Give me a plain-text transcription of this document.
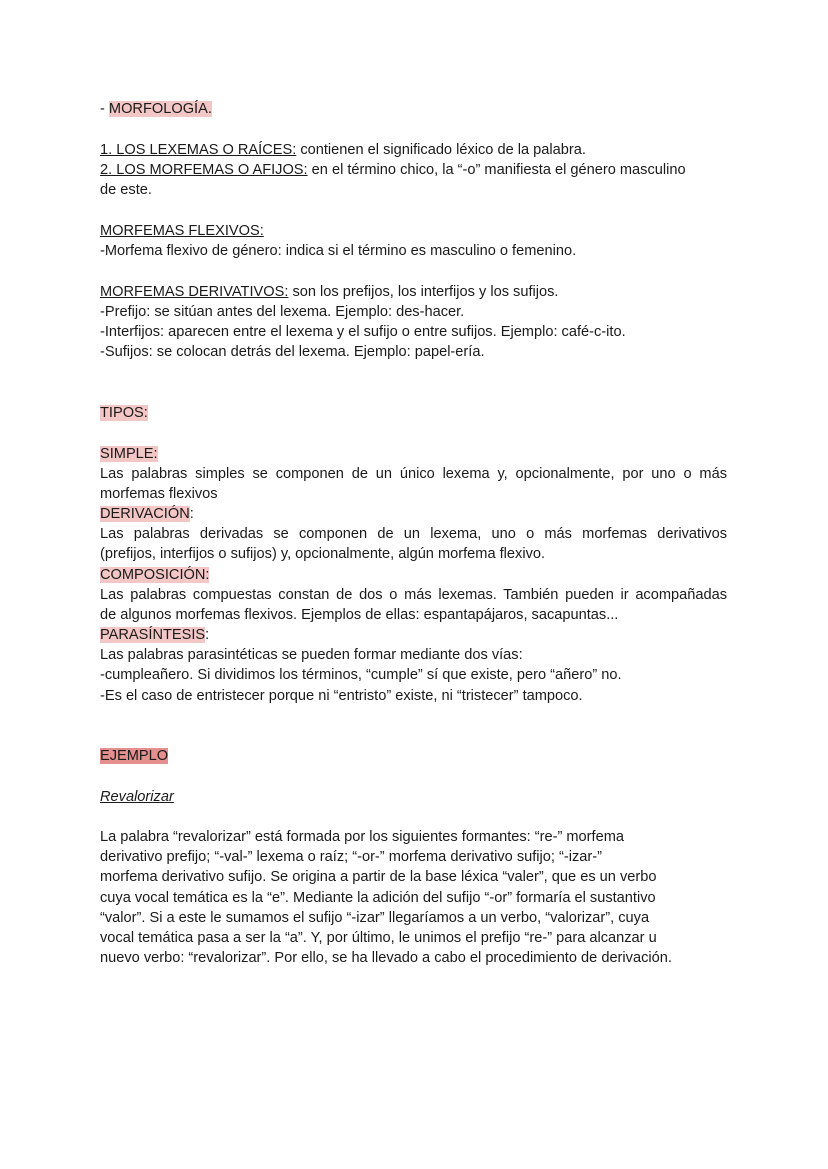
- MORFOLOGÍA.
1. LOS LEXEMAS O RAÍCES: contienen el significado léxico de la palabra.
2. LOS MORFEMAS O AFIJOS: en el término chico, la “-o” manifiesta el género masculino
de este.
MORFEMAS FLEXIVOS:
-Morfema flexivo de género: indica si el término es masculino o femenino.
MORFEMAS DERIVATIVOS: son los prefijos, los interfijos y los sufijos.
-Prefijo: se sitúan antes del lexema. Ejemplo: des-hacer.
-Interfijos: aparecen entre el lexema y el sufijo o entre sufijos. Ejemplo: café-c-ito.
-Sufijos: se colocan detrás del lexema. Ejemplo: papel-ería.
TIPOS:
SIMPLE:
Las palabras simples se componen de un único lexema y, opcionalmente, por uno o más
morfemas flexivos
DERIVACIÓN:
Las palabras derivadas se componen de un lexema, uno o más morfemas derivativos
(prefijos, interfijos o sufijos) y, opcionalmente, algún morfema flexivo.
COMPOSICIÓN:
Las palabras compuestas constan de dos o más lexemas. También pueden ir acompañadas
de algunos morfemas flexivos. Ejemplos de ellas: espantapájaros, sacapuntas...
PARASÍNTESIS:
Las palabras parasintéticas se pueden formar mediante dos vías:
-cumpleañero. Si dividimos los términos, “cumple” sí que existe, pero “añero” no.
-Es el caso de entristecer porque ni “entristo” existe, ni “tristecer” tampoco.
EJEMPLO
Revalorizar
La palabra “revalorizar” está formada por los siguientes formantes: “re-” morfema
derivativo prefijo; “-val-” lexema o raíz; “-or-” morfema derivativo sufijo; “-izar-”
morfema derivativo sufijo. Se origina a partir de la base léxica “valer”, que es un verbo
cuya vocal temática es la “e”. Mediante la adición del sufijo “-or” formaría el sustantivo
“valor”. Si a este le sumamos el sufijo “-izar” llegaríamos a un verbo, “valorizar”, cuya
vocal temática pasa a ser la “a”. Y, por último, le unimos el prefijo “re-” para alcanzar u
nuevo verbo: “revalorizar”. Por ello, se ha llevado a cabo el procedimiento de derivación.
